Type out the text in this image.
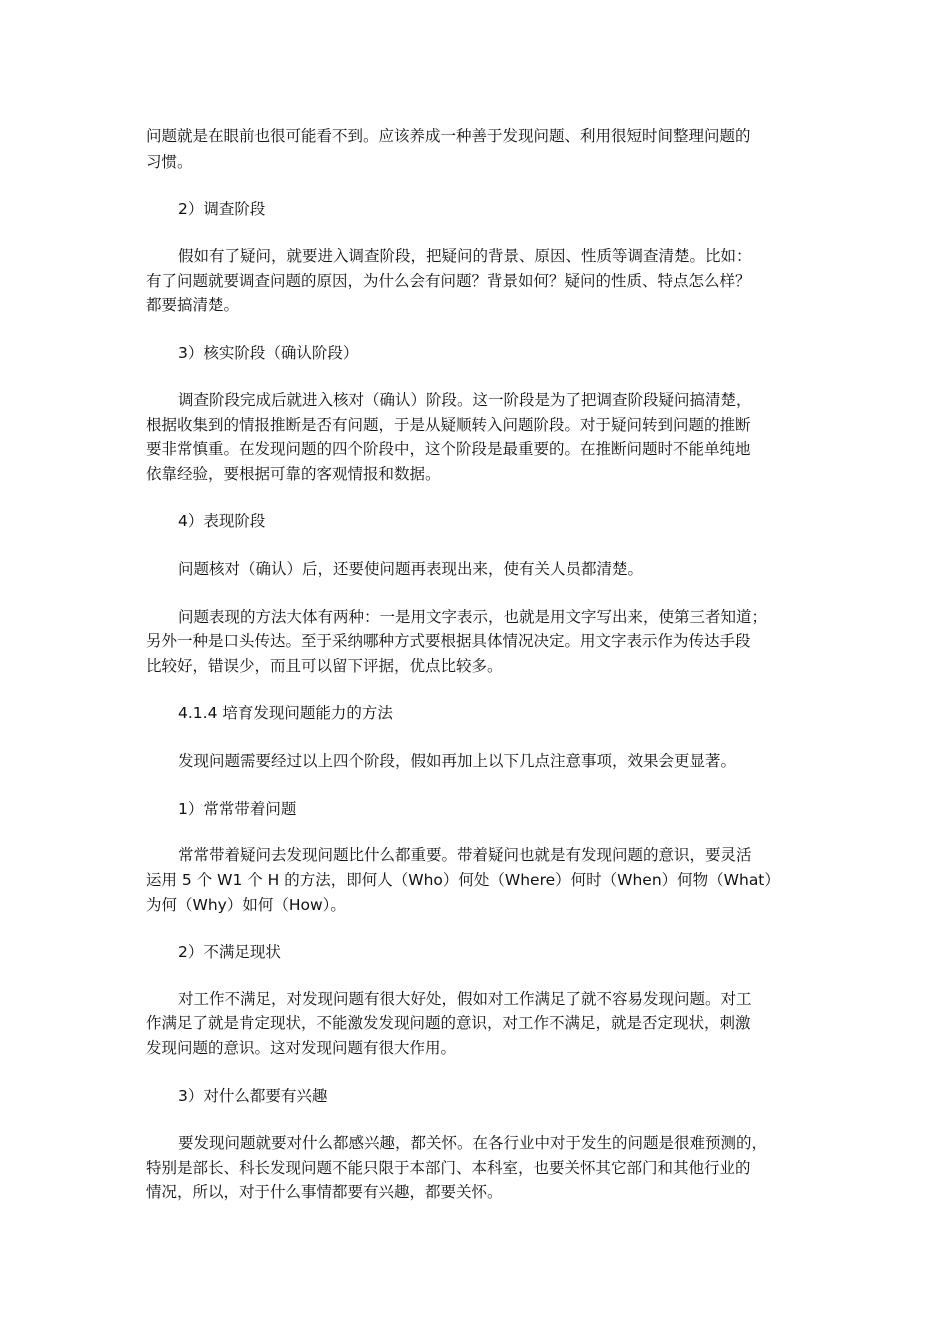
问题就是在眼前也很可能看不到。应该养成一种善于发现问题、利用很短时间整理问题的
习惯。
2）调查阶段
假如有了疑问，就要进入调查阶段，把疑问的背景、原因、性质等调查清楚。比如：
有了问题就要调查问题的原因，为什么会有问题？背景如何？疑问的性质、特点怎么样？
都要搞清楚。
3）核实阶段（确认阶段）
调查阶段完成后就进入核对（确认）阶段。这一阶段是为了把调查阶段疑问搞清楚，
根据收集到的情报推断是否有问题，于是从疑顺转入问题阶段。对于疑问转到问题的推断
要非常慎重。在发现问题的四个阶段中，这个阶段是最重要的。在推断问题时不能单纯地
依靠经验，要根据可靠的客观情报和数据。
4）表现阶段
问题核对（确认）后，还要使问题再表现出来，使有关人员都清楚。
问题表现的方法大体有两种：一是用文字表示，也就是用文字写出来，使第三者知道；
另外一种是口头传达。至于采纳哪种方式要根据具体情况决定。用文字表示作为传达手段
比较好，错误少，而且可以留下评据，优点比较多。
4.1.4 培育发现问题能力的方法
发现问题需要经过以上四个阶段，假如再加上以下几点注意事项，效果会更显著。
1）常常带着问题
常常带着疑问去发现问题比什么都重要。带着疑问也就是有发现问题的意识，要灵活
运用 5 个 W1 个 H 的方法，即何人（Who）何处（Where）何时（When）何物（What）
为何（Why）如何（How）。
2）不满足现状
对工作不满足，对发现问题有很大好处，假如对工作满足了就不容易发现问题。对工
作满足了就是肯定现状，不能激发发现问题的意识，对工作不满足，就是否定现状，刺激
发现问题的意识。这对发现问题有很大作用。
3）对什么都要有兴趣
要发现问题就要对什么都感兴趣，都关怀。在各行业中对于发生的问题是很难预测的，
特别是部长、科长发现问题不能只限于本部门、本科室，也要关怀其它部门和其他行业的
情况，所以，对于什么事情都要有兴趣，都要关怀。
